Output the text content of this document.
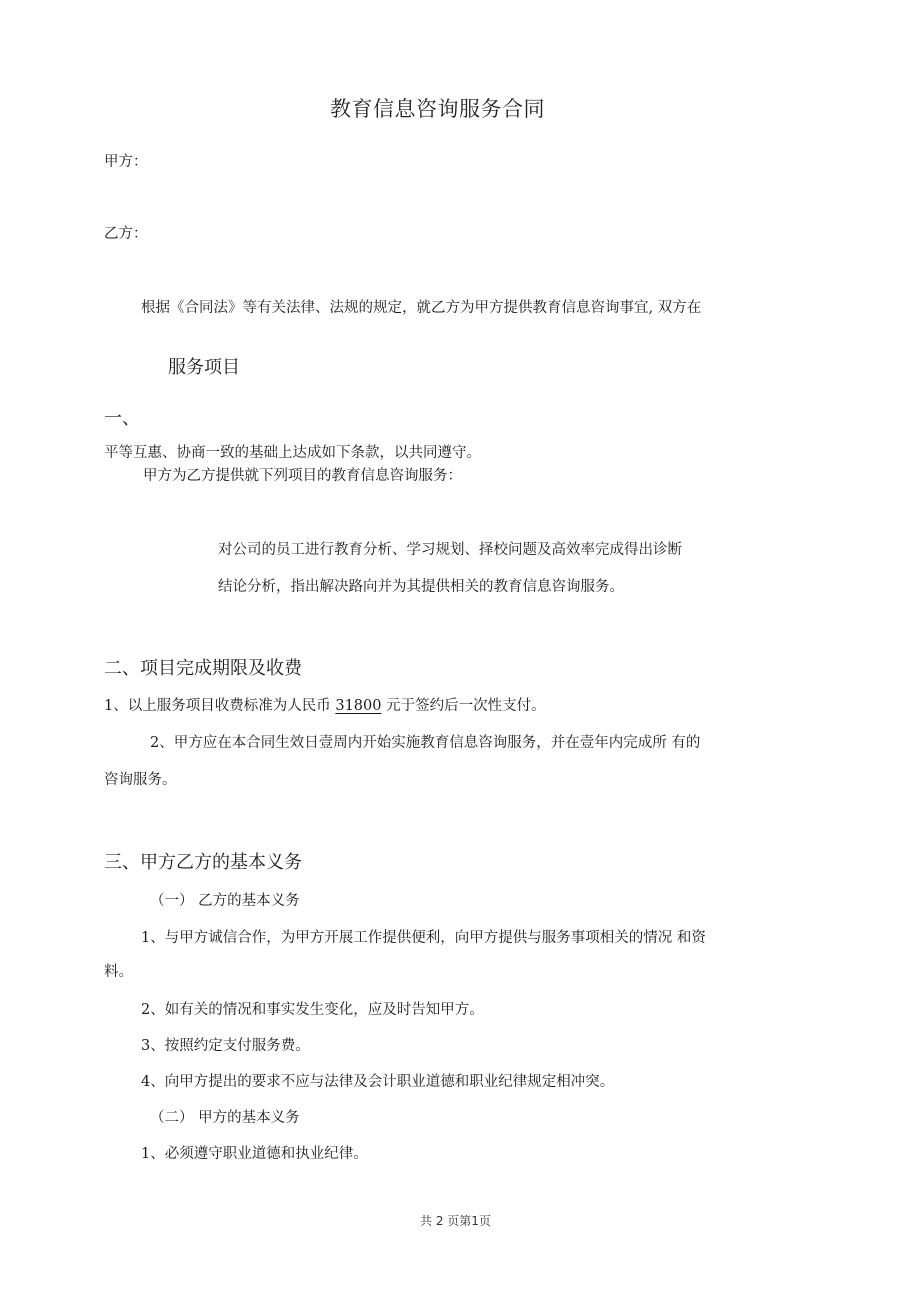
教育信息咨询服务合同
甲方：
乙方：
根据《合同法》等有关法律、法规的规定，就乙方为甲方提供教育信息咨询事宜, 双方在
服务项目
一、
平等互惠、协商一致的基础上达成如下条款，以共同遵守。
甲方为乙方提供就下列项目的教育信息咨询服务：
对公司的员工进行教育分析、学习规划、择校问题及高效率完成得出诊断
结论分析，指出解决路向并为其提供相关的教育信息咨询服务。
二、项目完成期限及收费
1、以上服务项目收费标准为人民币 31800 元于签约后一次性支付。
2、甲方应在本合同生效日壹周内开始实施教育信息咨询服务，并在壹年内完成所 有的
咨询服务。
三、甲方乙方的基本义务
（一） 乙方的基本义务
1、与甲方诚信合作，为甲方开展工作提供便利，向甲方提供与服务事项相关的情况 和资
料。
2、如有关的情况和事实发生变化，应及时告知甲方。
3、按照约定支付服务费。
4、向甲方提出的要求不应与法律及会计职业道德和职业纪律规定相冲突。
（二） 甲方的基本义务
1、必须遵守职业道德和执业纪律。
共 2 页第1页
